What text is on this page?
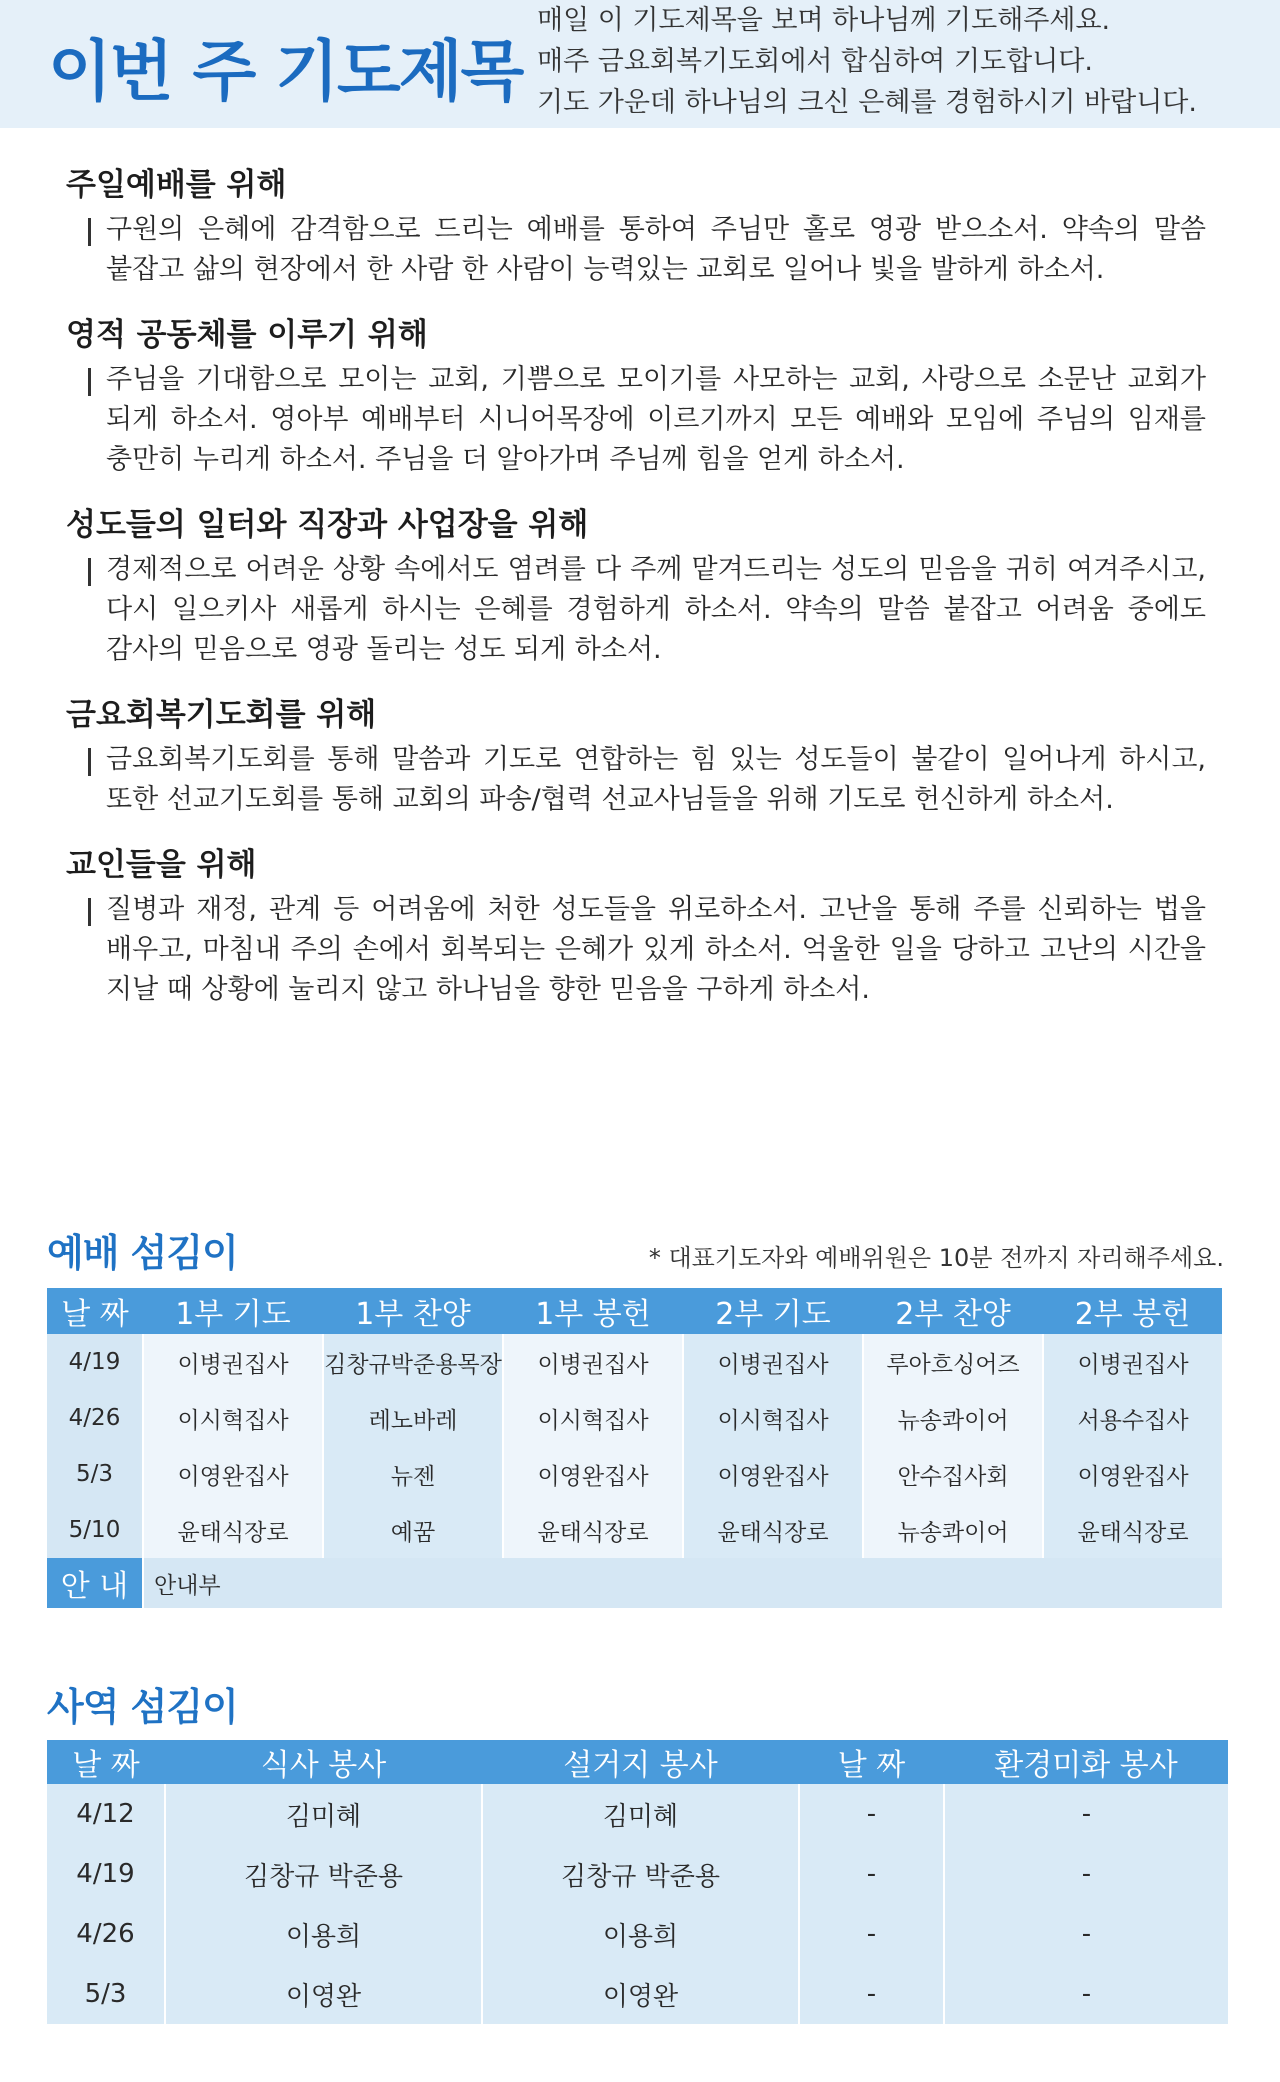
이번 주 기도제목
매일 이 기도제목을 보며 하나님께 기도해주세요.
매주 금요회복기도회에서 합심하여 기도합니다.
기도 가운데 하나님의 크신 은혜를 경험하시기 바랍니다.
주일예배를 위해
구원의 은혜에 감격함으로 드리는 예배를 통하여 주님만 홀로 영광 받으소서. 약속의 말씀 붙잡고 삶의 현장에서 한 사람 한 사람이 능력있는 교회로 일어나 빛을 발하게 하소서.
영적 공동체를 이루기 위해
주님을 기대함으로 모이는 교회, 기쁨으로 모이기를 사모하는 교회, 사랑으로 소문난 교회가 되게 하소서. 영아부 예배부터 시니어목장에 이르기까지 모든 예배와 모임에 주님의 임재를 충만히 누리게 하소서. 주님을 더 알아가며 주님께 힘을 얻게 하소서.
성도들의 일터와 직장과 사업장을 위해
경제적으로 어려운 상황 속에서도 염려를 다 주께 맡겨드리는 성도의 믿음을 귀히 여겨주시고, 다시 일으키사 새롭게 하시는 은혜를 경험하게 하소서. 약속의 말씀 붙잡고 어려움 중에도 감사의 믿음으로 영광 돌리는 성도 되게 하소서.
금요회복기도회를 위해
금요회복기도회를 통해 말씀과 기도로 연합하는 힘 있는 성도들이 불같이 일어나게 하시고, 또한 선교기도회를 통해 교회의 파송/협력 선교사님들을 위해 기도로 헌신하게 하소서.
교인들을 위해
질병과 재정, 관계 등 어려움에 처한 성도들을 위로하소서. 고난을 통해 주를 신뢰하는 법을 배우고, 마침내 주의 손에서 회복되는 은혜가 있게 하소서. 억울한 일을 당하고 고난의 시간을 지날 때 상황에 눌리지 않고 하나님을 향한 믿음을 구하게 하소서.
예배 섬김이	* 대표기도자와 예배위원은 10분 전까지 자리해주세요.
날 짜	1부 기도	1부 찬양	1부 봉헌	2부 기도	2부 찬양	2부 봉헌
4/19	이병권집사	김창규박준용목장	이병권집사	이병권집사	루아흐싱어즈	이병권집사
4/26	이시혁집사	레노바레	이시혁집사	이시혁집사	뉴송콰이어	서용수집사
5/3	이영완집사	뉴젠	이영완집사	이영완집사	안수집사회	이영완집사
5/10	윤태식장로	예꿈	윤태식장로	윤태식장로	뉴송콰이어	윤태식장로
안 내	안내부					
사역 섬김이
날 짜	식사 봉사	설거지 봉사	날 짜	환경미화 봉사
4/12	김미혜	김미혜	-	-
4/19	김창규 박준용	김창규 박준용	-	-
4/26	이용희	이용희	-	-
5/3	이영완	이영완	-	-
